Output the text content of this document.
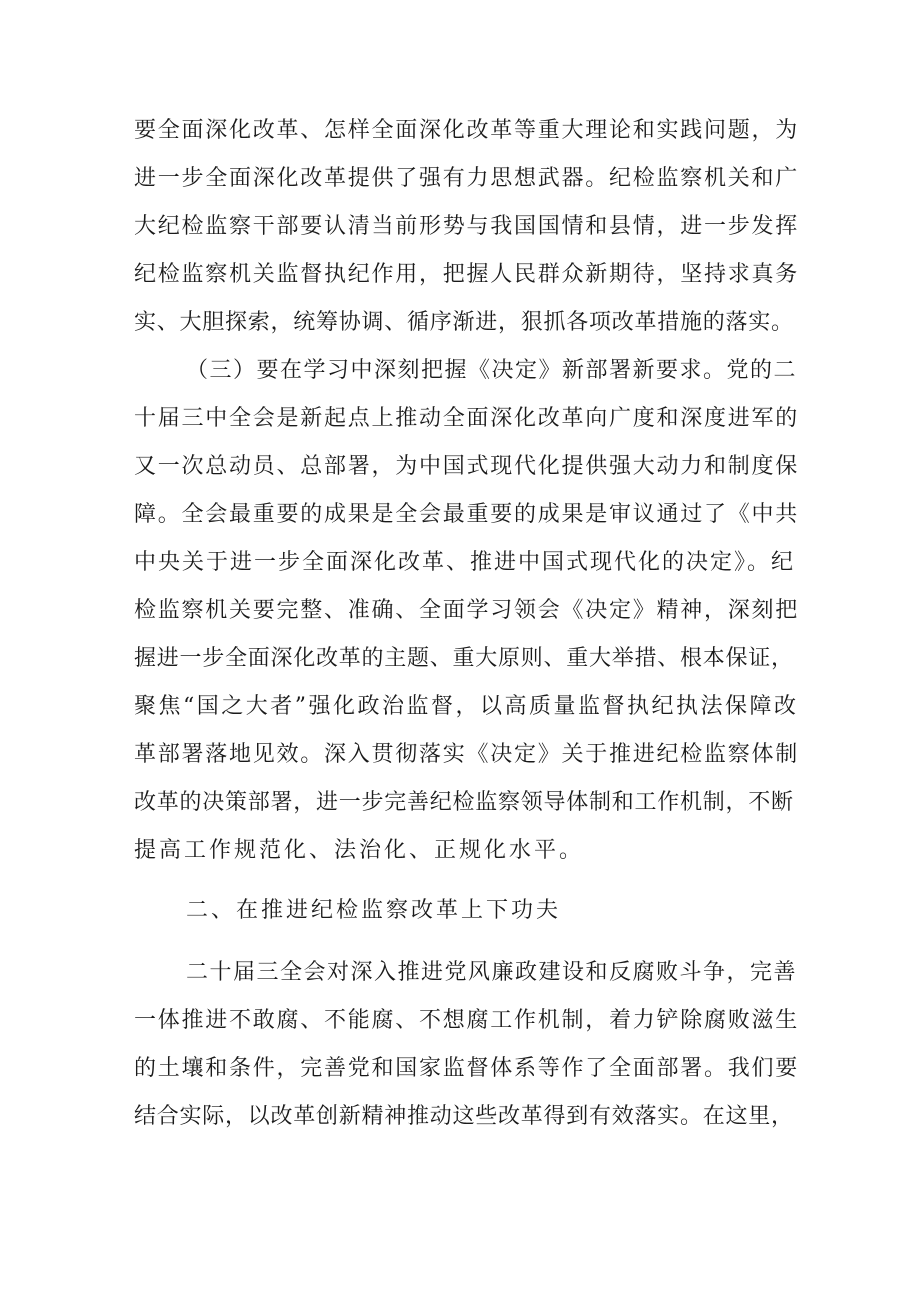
要全面深化改革、怎样全面深化改革等重大理论和实践问题，为
进一步全面深化改革提供了强有力思想武器。纪检监察机关和广
大纪检监察干部要认清当前形势与我国国情和县情，进一步发挥
纪检监察机关监督执纪作用，把握人民群众新期待，坚持求真务
实、大胆探索，统筹协调、循序渐进，狠抓各项改革措施的落实。
（三）要在学习中深刻把握《决定》新部署新要求。党的二
十届三中全会是新起点上推动全面深化改革向广度和深度进军的
又一次总动员、总部署，为中国式现代化提供强大动力和制度保
障。全会最重要的成果是全会最重要的成果是审议通过了《中共
中央关于进一步全面深化改革、推进中国式现代化的决定》。纪
检监察机关要完整、准确、全面学习领会《决定》精神，深刻把
握进一步全面深化改革的主题、重大原则、重大举措、根本保证，
聚焦“国之大者”强化政治监督，以高质量监督执纪执法保障改
革部署落地见效。深入贯彻落实《决定》关于推进纪检监察体制
改革的决策部署，进一步完善纪检监察领导体制和工作机制，不断
提高工作规范化、法治化、正规化水平。
二、在推进纪检监察改革上下功夫
二十届三全会对深入推进党风廉政建设和反腐败斗争，完善
一体推进不敢腐、不能腐、不想腐工作机制，着力铲除腐败滋生
的土壤和条件，完善党和国家监督体系等作了全面部署。我们要
结合实际，以改革创新精神推动这些改革得到有效落实。在这里，
